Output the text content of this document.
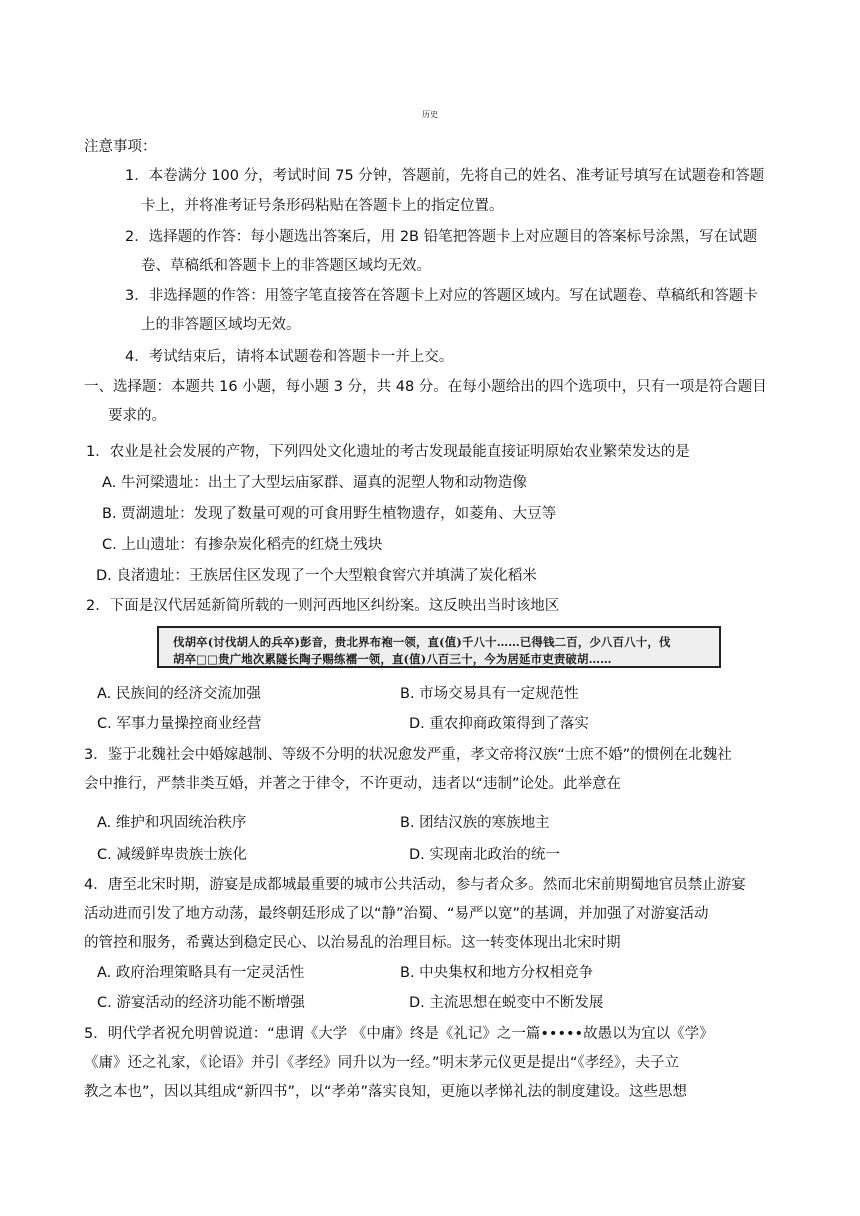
历史
注意事项：
1．本卷满分 100 分，考试时间 75 分钟，答题前，先将自己的姓名、准考证号填写在试题卷和答题
卡上，并将准考证号条形码粘贴在答题卡上的指定位置。
2．选择题的作答：每小题选出答案后，用 2B 铅笔把答题卡上对应题目的答案标号涂黑，写在试题
卷、草稿纸和答题卡上的非答题区域均无效。
3．非选择题的作答：用签字笔直接答在答题卡上对应的答题区域内。写在试题卷、草稿纸和答题卡
上的非答题区域均无效。
4．考试结束后，请将本试题卷和答题卡一并上交。
一、选择题：本题共 16 小题，每小题 3 分，共 48 分。在每小题给出的四个选项中，只有一项是符合题目
要求的。
1．农业是社会发展的产物，下列四处文化遗址的考古发现最能直接证明原始农业繁荣发达的是
A. 牛河梁遗址：出土了大型坛庙冢群、逼真的泥塑人物和动物造像
B. 贾湖遗址：发现了数量可观的可食用野生植物遗存，如菱角、大豆等
C. 上山遗址：有掺杂炭化稻壳的红烧土残块
D. 良渚遗址：王族居住区发现了一个大型粮食窖穴并填满了炭化稻米
2．下面是汉代居延新简所载的一则河西地区纠纷案。这反映出当时该地区
伐胡卒(讨伐胡人的兵卒)彭音，贵北界布袍一领，直(值)千八十……已得钱二百，少八百八十，伐
胡卒□□贵广地次累隧长陶子赐练襦一领，直(值)八百三十，今为居延市吏责破胡……
A. 民族间的经济交流加强	B. 市场交易具有一定规范性
C. 军事力量操控商业经营	D. 重农抑商政策得到了落实
3．鉴于北魏社会中婚嫁越制、等级不分明的状况愈发严重，孝文帝将汉族“士庶不婚”的惯例在北魏社
会中推行，严禁非类互婚，并著之于律令，不许更动，违者以“违制”论处。此举意在
A. 维护和巩固统治秩序	B. 团结汉族的寒族地主
C. 减缓鲜卑贵族士族化	D. 实现南北政治的统一
4．唐至北宋时期，游宴是成都城最重要的城市公共活动，参与者众多。然而北宋前期蜀地官员禁止游宴
活动进而引发了地方动荡，最终朝廷形成了以“静”治蜀、“易严以宽”的基调，并加强了对游宴活动
的管控和服务，希冀达到稳定民心、以治易乱的治理目标。这一转变体现出北宋时期
A. 政府治理策略具有一定灵活性	B. 中央集权和地方分权相竞争
C. 游宴活动的经济功能不断增强	D. 主流思想在蜕变中不断发展
5．明代学者祝允明曾说道：“患谓《大学 《中庸》终是《礼记》之一篇•••••故愚以为宜以《学》
《庸》还之礼家，《论语》并引《孝经》同升以为一经。”明末茅元仪更是提出“《孝经》，夫子立
教之本也”，因以其组成“新四书”，以“孝弟”落实良知，更施以孝悌礼法的制度建设。这些思想
